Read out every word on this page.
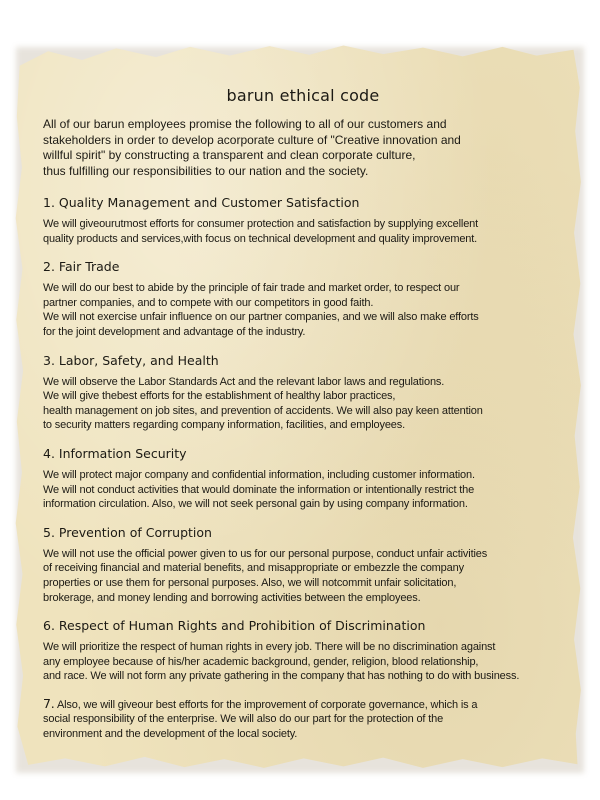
barun ethical code
All of our barun employees promise the following to all of our customers and
stakeholders in order to develop acorporate culture of "Creative innovation and
willful spirit" by constructing a transparent and clean corporate culture,
thus fulfilling our responsibilities to our nation and the society.
1. Quality Management and Customer Satisfaction
We will giveourutmost efforts for consumer protection and satisfaction by supplying excellent
quality products and services,with focus on technical development and quality improvement.
2. Fair Trade
We will do our best to abide by the principle of fair trade and market order, to respect our
partner companies, and to compete with our competitors in good faith.
We will not exercise unfair influence on our partner companies, and we will also make efforts
for the joint development and advantage of the industry.
3. Labor, Safety, and Health
We will observe the Labor Standards Act and the relevant labor laws and regulations.
We will give thebest efforts for the establishment of healthy labor practices,
health management on job sites, and prevention of accidents. We will also pay keen attention
to security matters regarding company information, facilities, and employees.
4. Information Security
We will protect major company and confidential information, including customer information.
We will not conduct activities that would dominate the information or intentionally restrict the
information circulation. Also, we will not seek personal gain by using company information.
5. Prevention of Corruption
We will not use the official power given to us for our personal purpose, conduct unfair activities
of receiving financial and material benefits, and misappropriate or embezzle the company
properties or use them for personal purposes. Also, we will notcommit unfair solicitation,
brokerage, and money lending and borrowing activities between the employees.
6. Respect of Human Rights and Prohibition of Discrimination
We will prioritize the respect of human rights in every job. There will be no discrimination against
any employee because of his/her academic background, gender, religion, blood relationship,
and race. We will not form any private gathering in the company that has nothing to do with business.
7. Also, we will giveour best efforts for the improvement of corporate governance, which is a
social responsibility of the enterprise. We will also do our part for the protection of the
environment and the development of the local society.
